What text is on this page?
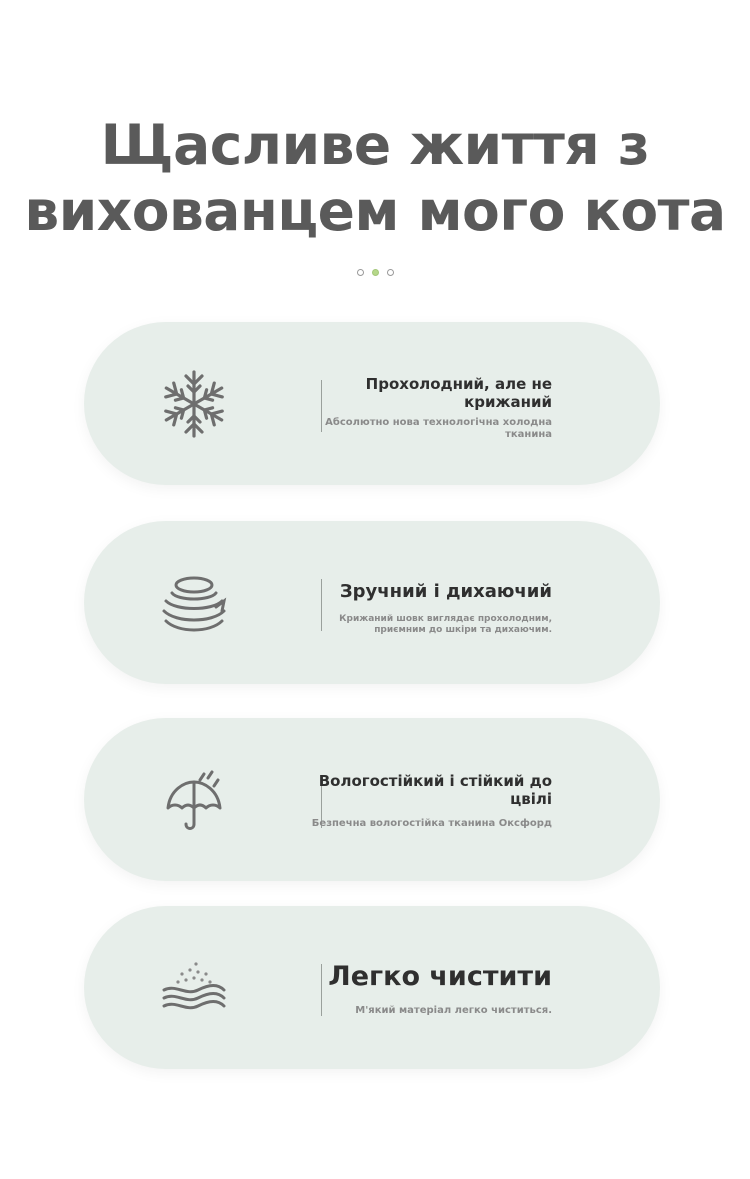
Щасливе життя з
вихованцем мого кота
Прохолодний, але не крижаний
Абсолютно нова технологічна холодна тканина
Зручний і дихаючий
Крижаний шовк виглядає прохолодним, приємним до шкіри та дихаючим.
Вологостійкий і стійкий до цвілі
Безпечна вологостійка тканина Оксфорд
Легко чистити
М'який матеріал легко чиститься.
